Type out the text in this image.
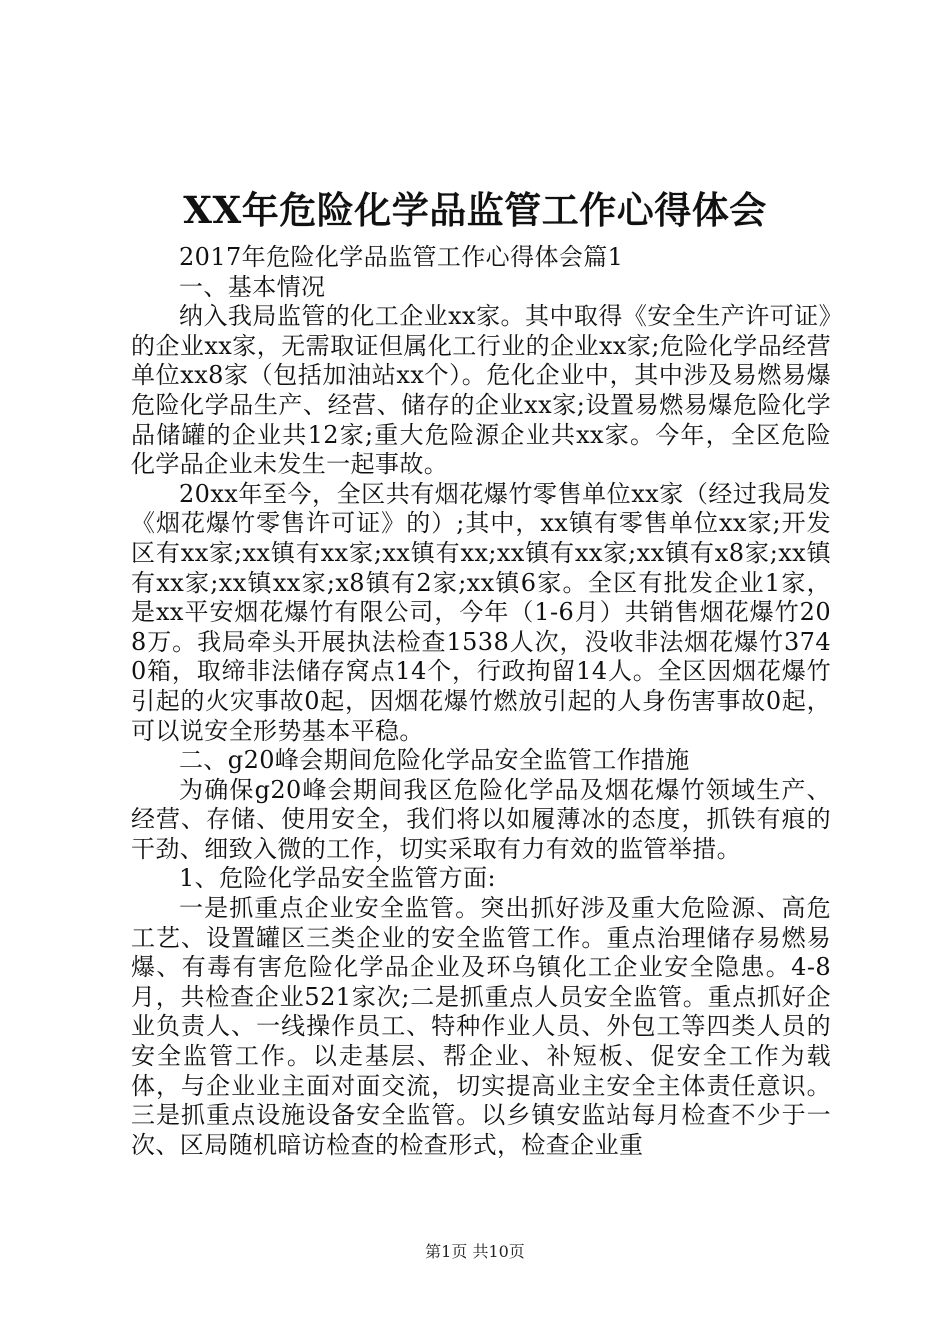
XX年危险化学品监管工作心得体会

2017年危险化学品监管工作心得体会篇1

一、基本情况

纳入我局监管的化工企业xx家。其中取得《安全生产许可证》的企业xx家，无需取证但属化工行业的企业xx家;危险化学品经营单位xx8家（包括加油站xx个）。危化企业中，其中涉及易燃易爆危险化学品生产、经营、储存的企业xx家;设置易燃易爆危险化学品储罐的企业共12家;重大危险源企业共xx家。今年，全区危险化学品企业未发生一起事故。

20xx年至今，全区共有烟花爆竹零售单位xx家（经过我局发《烟花爆竹零售许可证》的）;其中，xx镇有零售单位xx家;开发区有xx家;xx镇有xx家;xx镇有xx;xx镇有xx家;xx镇有x8家;xx镇有xx家;xx镇xx家;x8镇有2家;xx镇6家。全区有批发企业1家，是xx平安烟花爆竹有限公司，今年（1-6月）共销售烟花爆竹208万。我局牵头开展执法检查1538人次，没收非法烟花爆竹3740箱，取缔非法储存窝点14个，行政拘留14人。全区因烟花爆竹引起的火灾事故0起，因烟花爆竹燃放引起的人身伤害事故0起，可以说安全形势基本平稳。

二、g20峰会期间危险化学品安全监管工作措施

为确保g20峰会期间我区危险化学品及烟花爆竹领域生产、经营、存储、使用安全，我们将以如履薄冰的态度，抓铁有痕的干劲、细致入微的工作，切实采取有力有效的监管举措。

1、危险化学品安全监管方面:

一是抓重点企业安全监管。突出抓好涉及重大危险源、高危工艺、设置罐区三类企业的安全监管工作。重点治理储存易燃易爆、有毒有害危险化学品企业及环乌镇化工企业安全隐患。4-8月，共检查企业521家次;二是抓重点人员安全监管。重点抓好企业负责人、一线操作员工、特种作业人员、外包工等四类人员的安全监管工作。以走基层、帮企业、补短板、促安全工作为载体，与企业业主面对面交流，切实提高业主安全主体责任意识。三是抓重点设施设备安全监管。以乡镇安监站每月检查不少于一次、区局随机暗访检查的检查形式，检查企业重

第1页 共10页
